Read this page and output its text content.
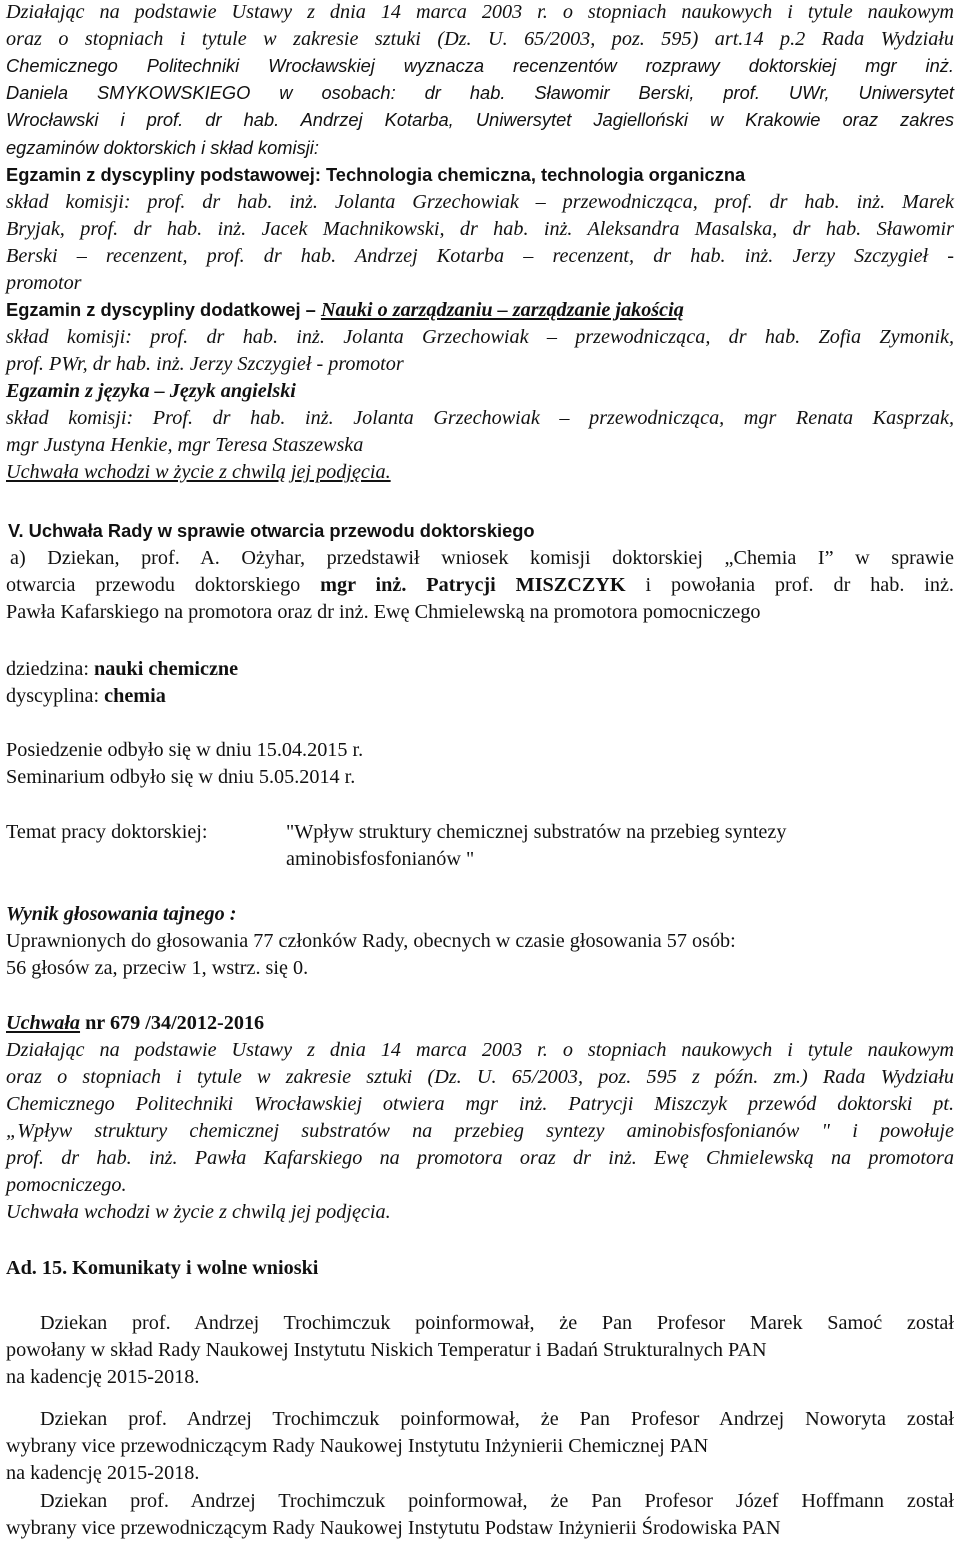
Działając na podstawie Ustawy z dnia 14 marca 2003 r. o stopniach naukowych i tytule naukowym
oraz o stopniach i tytule w zakresie sztuki (Dz. U. 65/2003, poz. 595) art.14 p.2 Rada Wydziału
Chemicznego Politechniki Wrocławskiej wyznacza recenzentów rozprawy doktorskiej mgr inż.
Daniela SMYKOWSKIEGO w osobach: dr hab. Sławomir Berski, prof. UWr, Uniwersytet
Wrocławski i prof. dr hab. Andrzej Kotarba, Uniwersytet Jagielloński w Krakowie oraz zakres
egzaminów doktorskich i skład komisji:
Egzamin z dyscypliny podstawowej: Technologia chemiczna, technologia organiczna
skład komisji: prof. dr hab. inż. Jolanta Grzechowiak – przewodnicząca, prof. dr hab. inż. Marek
Bryjak, prof. dr hab. inż. Jacek Machnikowski, dr hab. inż. Aleksandra Masalska, dr hab. Sławomir
Berski – recenzent, prof. dr hab. Andrzej Kotarba – recenzent, dr hab. inż. Jerzy Szczygieł -
promotor
Egzamin z dyscypliny dodatkowej – Nauki o zarządzaniu – zarządzanie jakością
skład komisji: prof. dr hab. inż. Jolanta Grzechowiak – przewodnicząca, dr hab. Zofia Zymonik,
prof. PWr, dr hab. inż. Jerzy Szczygieł - promotor
Egzamin z języka – Język angielski
skład komisji: Prof. dr hab. inż. Jolanta Grzechowiak – przewodnicząca, mgr Renata Kasprzak,
mgr Justyna Henkie, mgr Teresa Staszewska
Uchwała wchodzi w życie z chwilą jej podjęcia.
V. Uchwała Rady w sprawie otwarcia przewodu doktorskiego
a) Dziekan, prof. A. Ożyhar, przedstawił wniosek komisji doktorskiej „Chemia I” w sprawie
otwarcia przewodu doktorskiego mgr inż. Patrycji MISZCZYK i powołania prof. dr hab. inż.
Pawła Kafarskiego na promotora oraz dr inż. Ewę Chmielewską na promotora pomocniczego
dziedzina: nauki chemiczne
dyscyplina: chemia
Posiedzenie odbyło się w dniu 15.04.2015 r.
Seminarium odbyło się w dniu 5.05.2014 r.
Temat pracy doktorskiej:	"Wpływ struktury chemicznej substratów na przebieg syntezy
aminobisfosfonianów "
Wynik głosowania tajnego :
Uprawnionych do głosowania 77 członków Rady, obecnych w czasie głosowania 57 osób:
56 głosów za, przeciw 1, wstrz. się 0.
Uchwała nr 679 /34/2012-2016
Działając na podstawie Ustawy z dnia 14 marca 2003 r. o stopniach naukowych i tytule naukowym
oraz o stopniach i tytule w zakresie sztuki (Dz. U. 65/2003, poz. 595 z późn. zm.) Rada Wydziału
Chemicznego Politechniki Wrocławskiej otwiera mgr inż. Patrycji Miszczyk przewód doktorski pt.
„Wpływ struktury chemicznej substratów na przebieg syntezy aminobisfosfonianów " i powołuje
prof. dr hab. inż. Pawła Kafarskiego na promotora oraz dr inż. Ewę Chmielewską na promotora
pomocniczego.
Uchwała wchodzi w życie z chwilą jej podjęcia.
Ad. 15. Komunikaty i wolne wnioski
Dziekan prof. Andrzej Trochimczuk poinformował, że Pan Profesor Marek Samoć został
powołany w skład Rady Naukowej Instytutu Niskich Temperatur i Badań Strukturalnych PAN
na kadencję 2015-2018.
Dziekan prof. Andrzej Trochimczuk poinformował, że Pan Profesor Andrzej Noworyta został
wybrany vice przewodniczącym Rady Naukowej Instytutu Inżynierii Chemicznej PAN
na kadencję 2015-2018.
Dziekan prof. Andrzej Trochimczuk poinformował, że Pan Profesor Józef Hoffmann został
wybrany vice przewodniczącym Rady Naukowej Instytutu Podstaw Inżynierii Środowiska PAN
